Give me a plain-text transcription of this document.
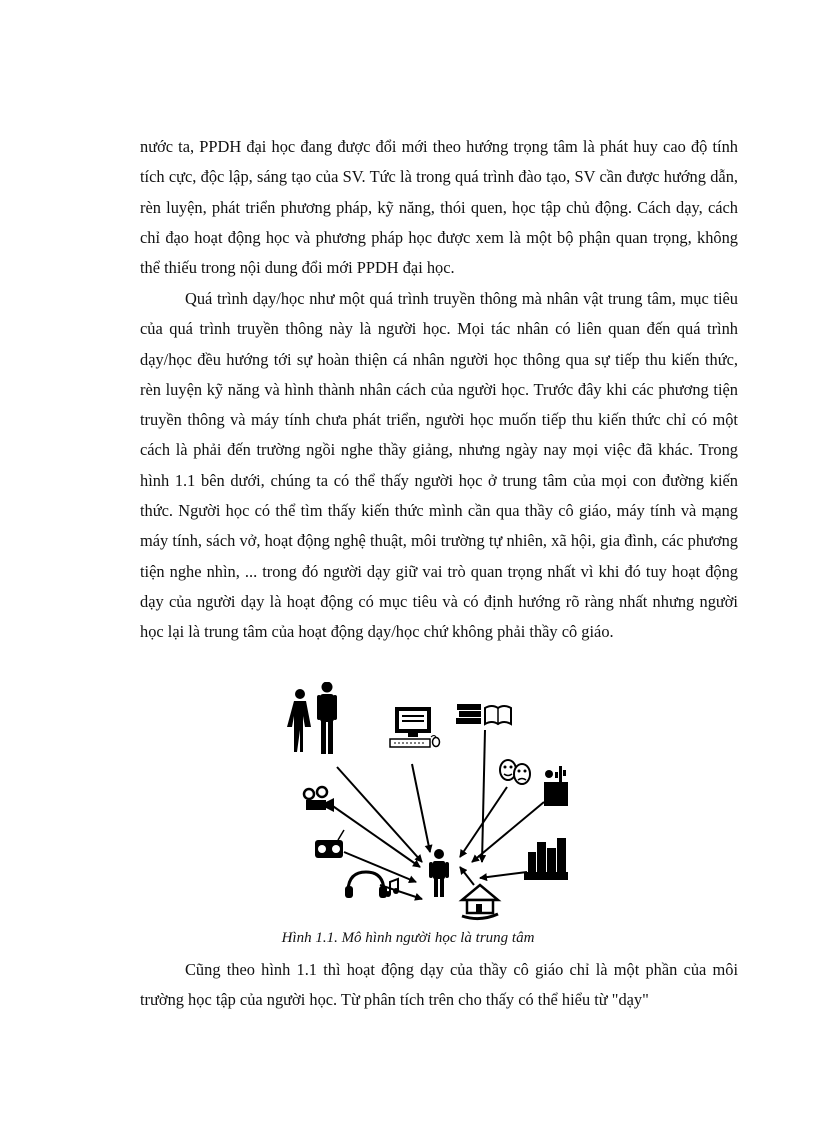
nước ta, PPDH đại học đang được đổi mới theo hướng trọng tâm là phát huy cao độ tính tích cực, độc lập, sáng tạo của SV. Tức là trong quá trình đào tạo, SV cần được hướng dẫn, rèn luyện, phát triển phương pháp, kỹ năng, thói quen, học tập chủ động. Cách dạy, cách chỉ đạo hoạt động học và phương pháp học được xem là một bộ phận quan trọng, không thể thiếu trong nội dung đổi mới PPDH đại học.

Quá trình dạy/học như một quá trình truyền thông mà nhân vật trung tâm, mục tiêu của quá trình truyền thông này là người học. Mọi tác nhân có liên quan đến quá trình dạy/học đều hướng tới sự hoàn thiện cá nhân người học thông qua sự tiếp thu kiến thức, rèn luyện kỹ năng và hình thành nhân cách của người học. Trước đây khi các phương tiện truyền thông và máy tính chưa phát triển, người học muốn tiếp thu kiến thức chỉ có một cách là phải đến trường ngồi nghe thầy giảng, nhưng ngày nay mọi việc đã khác. Trong hình 1.1 bên dưới, chúng ta có thể thấy người học ở trung tâm của mọi con đường kiến thức. Người học có thể tìm thấy kiến thức mình cần qua thầy cô giáo, máy tính và mạng máy tính, sách vở, hoạt động nghệ thuật, môi trường tự nhiên, xã hội, gia đình, các phương tiện nghe nhìn, ... trong đó người dạy giữ vai trò quan trọng nhất vì khi đó tuy hoạt động dạy của người dạy là hoạt động có mục tiêu và có định hướng rõ ràng nhất nhưng người học lại là trung tâm của hoạt động dạy/học chứ không phải thầy cô giáo.

Hình 1.1. Mô hình người học là trung tâm

Cũng theo hình 1.1 thì hoạt động dạy của thầy cô giáo chỉ là một phần của môi trường học tập của người học. Từ phân tích trên cho thấy có thể hiểu từ "dạy"
